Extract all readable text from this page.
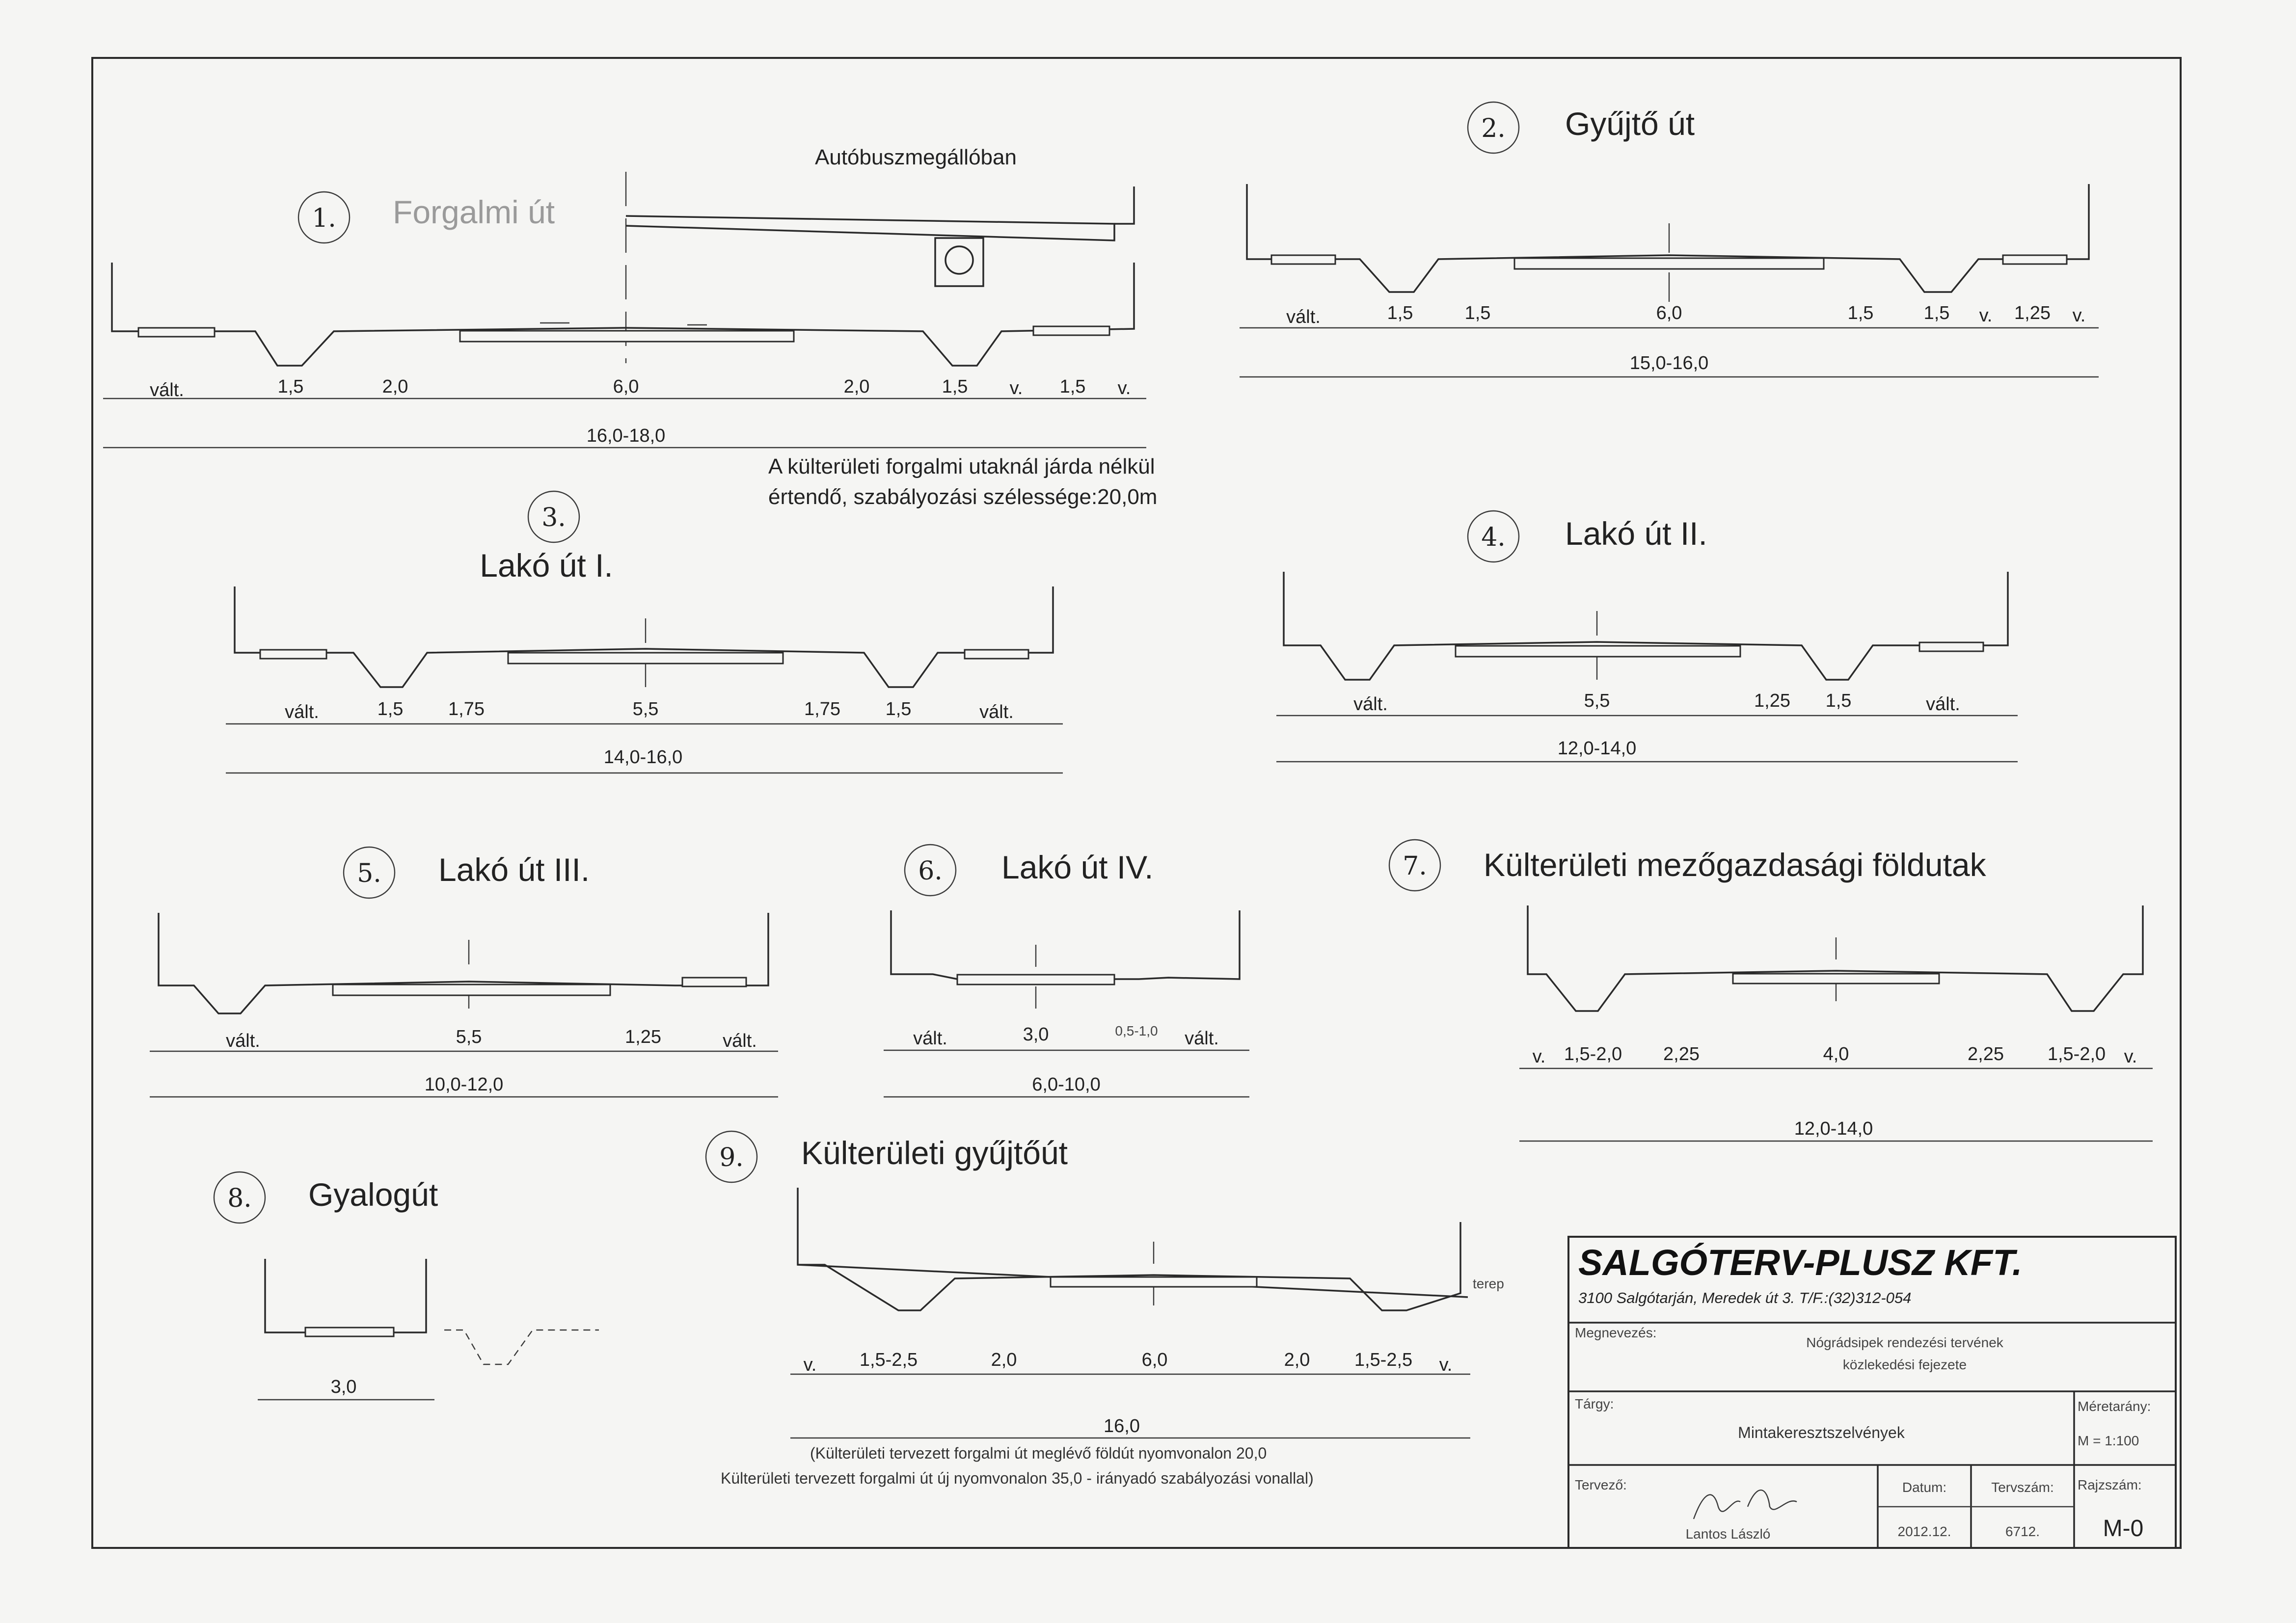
1. Forgalmi út
Autóbuszmegállóban
vált.	1,5	2,0	6,0	2,0	1,5 v. 1,5 v.
16,0-18,0
A külterületi forgalmi utaknál járda nélkül
értendő, szabályozási szélessége:20,0m
2. Gyűjtő út
vált.	1,5	1,5	6,0	1,5	1,5 v. 1,25 v.
15,0-16,0
3.
Lakó út I.
vált.	1,5 1,75	5,5	1,75 1,5	vált.
14,0-16,0
4. Lakó út II.
vált.	5,5	1,25 1,5	vált.
12,0-14,0
5. Lakó út III.
vált.	5,5	1,25	vált.
10,0-12,0
6. Lakó út IV.
vált.	3,0	0,5-1,0 vált.
6,0-10,0
7. Külterületi mezőgazdasági földutak
v. 1,5-2,0 2,25	4,0	2,25 1,5-2,0 v.
12,0-14,0
8. Gyalogút
3,0
9. Külterületi gyűjtőút
terep
v. 1,5-2,5	2,0	6,0	2,0 1,5-2,5 v.
16,0
(Külterületi tervezett forgalmi út meglévő földút nyomvonalon 20,0
Külterületi tervezett forgalmi út új nyomvonalon 35,0 - irányadó szabályozási vonallal)
SALGÓTERV-PLUSZ KFT.
3100 Salgótarján, Meredek út 3. T/F.:(32)312-054
Megnevezés:
Nógrádsipek rendezési tervének
közlekedési fejezete
Tárgy:
Mintakeresztszelvények
Méretarány:
M = 1:100
Tervező:
Lantos László
Datum:
2012.12.
Tervszám:
6712.
Rajzszám:
M-0
